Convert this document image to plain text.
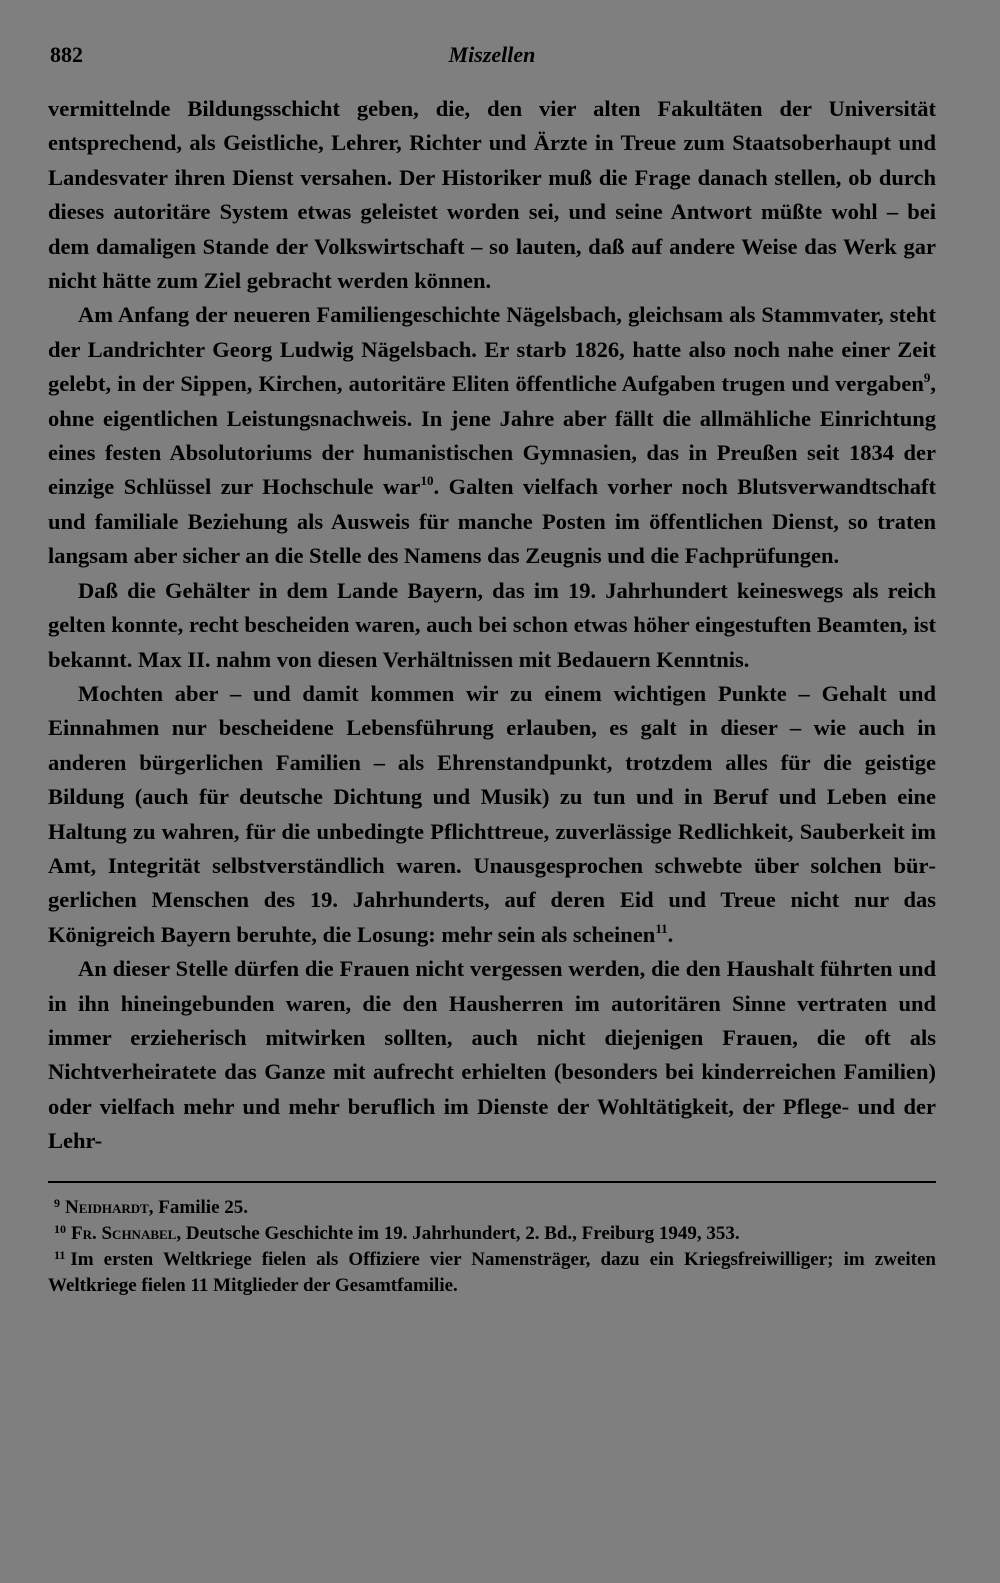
882	Miszellen

vermittelnde Bildungsschicht geben, die, den vier alten Fakultäten der Universität entsprechend, als Geistliche, Lehrer, Richter und Ärzte in Treue zum Staatsoberhaupt und Landesvater ihren Dienst versahen. Der Historiker muß die Frage danach stellen, ob durch dieses autoritäre System etwas geleistet worden sei, und seine Antwort müßte wohl – bei dem damaligen Stande der Volkswirtschaft – so lauten, daß auf andere Weise das Werk gar nicht hätte zum Ziel gebracht werden können.

Am Anfang der neueren Familiengeschichte Nägelsbach, gleichsam als Stammvater, steht der Landrichter Georg Ludwig Nägelsbach. Er starb 1826, hatte also noch nahe einer Zeit gelebt, in der Sippen, Kirchen, autoritäre Eliten öffentliche Aufgaben trugen und vergaben$^9$, ohne eigentlichen Leistungsnachweis. In jene Jahre aber fällt die allmähliche Einrichtung eines festen Absolutoriums der humanistischen Gymnasien, das in Preußen seit 1834 der einzige Schlüssel zur Hochschule war$^{10}$. Galten vielfach vorher noch Blutsverwandtschaft und familiale Beziehung als Ausweis für manche Posten im öffentlichen Dienst, so traten langsam aber sicher an die Stelle des Namens das Zeugnis und die Fachprüfungen.

Daß die Gehälter in dem Lande Bayern, das im 19. Jahrhundert keineswegs als reich gelten konnte, recht bescheiden waren, auch bei schon etwas höher eingestuften Beamten, ist bekannt. Max II. nahm von diesen Verhältnissen mit Bedauern Kenntnis.

Mochten aber – und damit kommen wir zu einem wichtigen Punkte – Gehalt und Einnahmen nur bescheidene Lebensführung erlauben, es galt in dieser – wie auch in anderen bürgerlichen Familien – als Ehrenstandpunkt, trotzdem alles für die geistige Bildung (auch für deutsche Dichtung und Musik) zu tun und in Beruf und Leben eine Haltung zu wahren, für die unbedingte Pflichttreue, zuverlässige Redlichkeit, Sauberkeit im Amt, Integrität selbstverständlich waren. Unausgesprochen schwebte über solchen bürgerlichen Menschen des 19. Jahrhunderts, auf deren Eid und Treue nicht nur das Königreich Bayern beruhte, die Losung: mehr sein als scheinen$^{11}$.

An dieser Stelle dürfen die Frauen nicht vergessen werden, die den Haushalt führten und in ihn hineingebunden waren, die den Hausherren im autoritären Sinne vertraten und immer erzieherisch mitwirken sollten, auch nicht diejenigen Frauen, die oft als Nichtverheiratete das Ganze mit aufrecht erhielten (besonders bei kinderreichen Familien) oder vielfach mehr und mehr beruflich im Dienste der Wohltätigkeit, der Pflege- und der Lehr-

$^9$ Neidhardt, Familie 25.

$^{10}$ Fr. Schnabel, Deutsche Geschichte im 19. Jahrhundert, 2. Bd., Freiburg 1949, 353.

$^{11}$ Im ersten Weltkriege fielen als Offiziere vier Namensträger, dazu ein Kriegsfreiwilliger; im zweiten Weltkriege fielen 11 Mitglieder der Gesamtfamilie.
